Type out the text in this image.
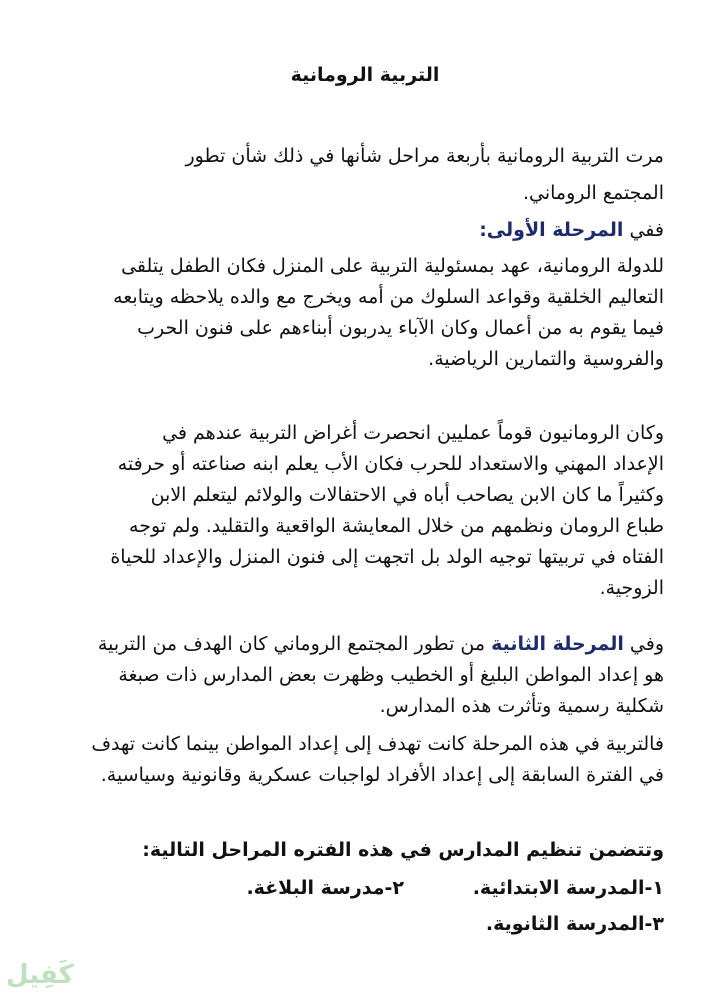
التربية الرومانية
مرت التربية الرومانية بأربعة مراحل شأنها في ذلك شأن تطور
المجتمع الروماني.
ففي المرحلة الأولى:
للدولة الرومانية، عهد بمسئولية التربية على المنزل فكان الطفل يتلقى
التعاليم الخلقية وقواعد السلوك من أمه ويخرج مع والده يلاحظه ويتابعه
فيما يقوم به من أعمال وكان الآباء يدربون أبناءهم على فنون الحرب
والفروسية والتمارين الرياضية.
وكان الرومانيون قوماً عمليين انحصرت أغراض التربية عندهم في
الإعداد المهني والاستعداد للحرب فكان الأب يعلم ابنه صناعته أو حرفته
وكثيراً ما كان الابن يصاحب أباه في الاحتفالات والولائم ليتعلم الابن
طباع الرومان ونظمهم من خلال المعايشة الواقعية والتقليد. ولم توجه
الفتاه في تربيتها توجيه الولد بل اتجهت إلى فنون المنزل والإعداد للحياة
الزوجية.
وفي المرحلة الثانية من تطور المجتمع الروماني كان الهدف من التربية
هو إعداد المواطن البليغ أو الخطيب وظهرت بعض المدارس ذات صبغة
شكلية رسمية وتأثرت هذه المدارس.
فالتربية في هذه المرحلة كانت تهدف إلى إعداد المواطن بينما كانت تهدف
في الفترة السابقة إلى إعداد الأفراد لواجبات عسكرية وقانونية وسياسية.
وتتضمن تنظيم المدارس في هذه الفتره المراحل التالية:
١-المدرسة الابتدائية.
٢-مدرسة البلاغة.
٣-المدرسة الثانوية.
كَفِيل
